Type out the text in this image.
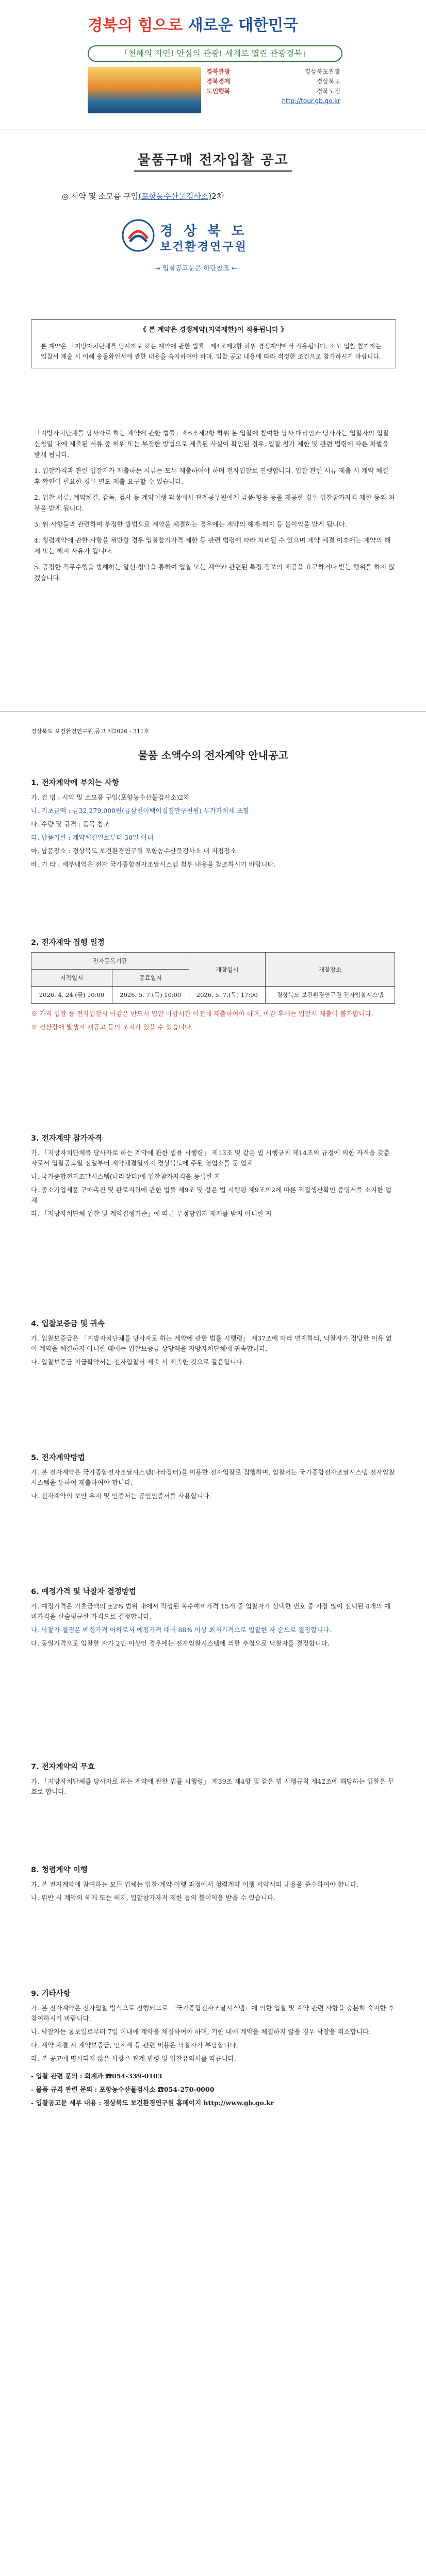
경북의 힘으로 새로운 대한민국
「천혜의 자연! 안심의 관광! 세계로 열린 관광경북」
경북관광	경상북도관광
경북경제	경상북도
도민행복	경북도정
http://tour.gb.go.kr
물품구매 전자입찰 공고
◎ 시약 및 소모품 구입(포항농수산물검사소)2차
경 상 북 도
보건환경연구원
→ 입찰공고문은 하단참조 ←
《 본 계약은 경쟁계약(지역제한)이 적용됩니다 》
본 계약은 「지방자치단체를 당사자로 하는 계약에 관한 법률」제4조제2항 하위 경쟁계약에서 적용됩니다. 소모 입찰 참가자는 입찰서 제출 시 이해 충돌확인서에 관한 내용을 숙지하여야 하며, 입찰 공고 내용에 따라 적정한 조건으로 참가하시기 바랍니다.

「지방자치단체를 당사자로 하는 계약에 관한 법률」제6조제2항 하위 본 입찰에 참여한 당사 대리인과 당사자는 입찰자의 입찰신청일 내에 제출된 서류 중 허위 또는 부정한 방법으로 제출된 사실이 확인된 경우, 입찰 참가 제한 및 관련 법령에 따른 처벌을 받게 됩니다.

1. 입찰가격과 관련 입찰자가 제출하는 서류는 모두 제출하여야 하며 전자입찰로 진행합니다. 입찰 관련 서류 제출 시 계약 체결 후 확인이 필요한 경우 별도 제출 요구할 수 있습니다.

2. 입찰 서류, 계약체결, 감독, 검사 등 계약이행 과정에서 관계공무원에게 금품·향응 등을 제공한 경우 입찰참가자격 제한 등의 처분을 받게 됩니다.

3. 위 사항들과 관련하여 부정한 방법으로 계약을 체결하는 경우에는 계약의 해제·해지 등 불이익을 받게 됩니다.

4. 청렴계약에 관한 사항을 위반할 경우 입찰참가자격 제한 등 관련 법령에 따라 처리될 수 있으며 계약 체결 이후에는 계약의 해제 또는 해지 사유가 됩니다.

5. 공정한 직무수행을 방해하는 알선·청탁을 통하여 입찰 또는 계약과 관련된 특정 정보의 제공을 요구하거나 받는 행위를 하지 않겠습니다.

경상북도 보건환경연구원 공고 제2026 - 311호
물품 소액수의 전자계약 안내공고
1. 전자계약에 부치는 사항

가. 건 명 : 시약 및 소모품 구입(포항농수산물검사소)2차

나. 기초금액 : 금32,279,000원(금삼천이백이십칠만구천원) 부가가치세 포함

다. 수량 및 규격 : 품목 참조

라. 납품기한 : 계약체결일로부터 30일 이내

마. 납품장소 : 경상북도 보건환경연구원 포항농수산물검사소 내 지정장소

바. 기 타 : 세부내역은 전자 국가종합전자조달시스템 첨부 내용을 참조하시기 바랍니다.

2. 전자계약 집행 일정
전자등록기간		개찰일시	개찰장소
시작일시	종료일시		
2026. 4. 24.(금) 10:00	2026. 5. 7.(목) 10:00	2026. 5. 7.(목) 17:00	경상북도 보건환경연구원 전자입찰시스템

※ 가격 입찰 등 전자입찰시 마감은 반드시 입찰 마감시간 이전에 제출하여야 하며, 마감 후에는 입찰서 제출이 불가합니다.

※ 전산장애 발생시 재공고 등의 조치가 있을 수 있습니다.

3. 전자계약 참가자격

가. 「지방자치단체를 당사자로 하는 계약에 관한 법률 시행령」 제13조 및 같은 법 시행규칙 제14조의 규정에 의한 자격을 갖춘 자로서 입찰공고일 전일부터 계약체결일까지 경상북도에 주된 영업소를 둔 업체

나. 국가종합전자조달시스템(나라장터)에 입찰참가자격을 등록한 자

다. 중소기업제품 구매촉진 및 판로지원에 관한 법률 제9조 및 같은 법 시행령 제9조의2에 따른 직접생산확인 증명서를 소지한 업체

라. 「지방자치단체 입찰 및 계약집행기준」에 따른 부정당업자 제재를 받지 아니한 자

4. 입찰보증금 및 귀속

가. 입찰보증금은 「지방자치단체를 당사자로 하는 계약에 관한 법률 시행령」 제37조에 따라 면제하되, 낙찰자가 정당한 이유 없이 계약을 체결하지 아니한 때에는 입찰보증금 상당액을 지방자치단체에 귀속합니다.

나. 입찰보증금 지급확약서는 전자입찰서 제출 시 제출한 것으로 갈음합니다.

5. 전자계약방법

가. 본 전자계약은 국가종합전자조달시스템(나라장터)을 이용한 전자입찰로 집행하며, 입찰서는 국가종합전자조달시스템 전자입찰 시스템을 통하여 제출하여야 합니다.

나. 전자계약의 보안 유지 및 인증서는 공인인증서를 사용합니다.

6. 예정가격 및 낙찰자 결정방법

가. 예정가격은 기초금액의 ±2% 범위 내에서 작성된 복수예비가격 15개 중 입찰자가 선택한 번호 중 가장 많이 선택된 4개의 예비가격을 산술평균한 가격으로 결정합니다.

나. 낙찰자 결정은 예정가격 이하로서 예정가격 대비 88% 이상 최저가격으로 입찰한 자 순으로 결정합니다.

다. 동일가격으로 입찰한 자가 2인 이상인 경우에는 전자입찰시스템에 의한 추첨으로 낙찰자를 결정합니다.

7. 전자계약의 무효

가. 「지방자치단체를 당사자로 하는 계약에 관한 법률 시행령」 제39조 제4항 및 같은 법 시행규칙 제42조에 해당하는 입찰은 무효로 합니다.

8. 청렴계약 이행

가. 본 전자계약에 참여하는 모든 업체는 입찰·계약·이행 과정에서 청렴계약 이행 서약서의 내용을 준수하여야 합니다.

나. 위반 시 계약의 해제 또는 해지, 입찰참가자격 제한 등의 불이익을 받을 수 있습니다.

9. 기타사항

가. 본 전자계약은 전자입찰 방식으로 진행되므로 「국가종합전자조달시스템」에 의한 입찰 및 계약 관련 사항을 충분히 숙지한 후 참여하시기 바랍니다.

나. 낙찰자는 통보일로부터 7일 이내에 계약을 체결하여야 하며, 기한 내에 계약을 체결하지 않을 경우 낙찰을 취소합니다.

다. 계약 체결 시 계약보증금, 인지세 등 관련 비용은 낙찰자가 부담합니다.

라. 본 공고에 명시되지 않은 사항은 관계 법령 및 입찰유의서를 따릅니다.

- 입찰 관련 문의 : 회계과 ☎054-339-0103

- 물품 규격 관련 문의 : 포항농수산물검사소 ☎054-270-0000

- 입찰공고문 세부 내용 : 경상북도 보건환경연구원 홈페이지 http://www.gb.go.kr
